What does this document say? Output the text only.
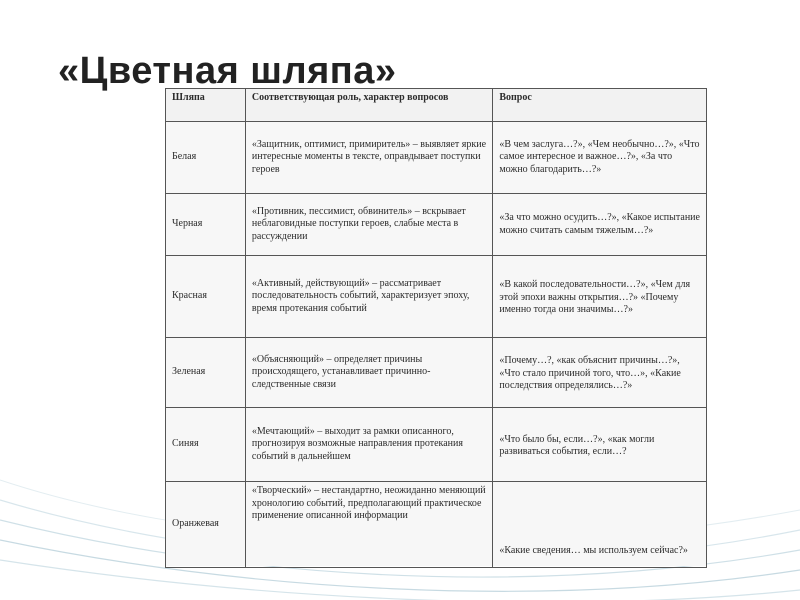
«Цветная шляпа»
Шляпа	Соответствующая роль, характер вопросов	Вопрос
Белая	«Защитник, оптимист, примиритель» – выявляет яркие интересные моменты в тексте, оправдывает поступки героев	«В чем заслуга…?», «Чем необычно…?», «Что самое интересное и важное…?», «За что можно благодарить…?»
Черная	«Противник, пессимист, обвинитель» – вскрывает неблаговидные поступки героев, слабые места в рассуждении	«За что можно осудить…?», «Какое испытание можно считать самым тяжелым…?»
Красная	«Активный, действующий» – рассматривает последовательность событий, характеризует эпоху, время протекания событий	«В какой последовательности…?», «Чем для этой эпохи важны открытия…?» «Почему именно тогда они значимы…?»
Зеленая	«Объясняющий» – определяет причины происходящего, устанавливает причинно-следственные связи	«Почему…?, «как объяснит причины…?», «Что стало причиной того, что…», «Какие последствия определялись…?»
Синяя	«Мечтающий» – выходит за рамки описанного, прогнозируя возможные направления протекания событий в дальнейшем	«Что было бы, если…?», «как могли развиваться события, если…?
Оранжевая	«Творческий» – нестандартно, неожиданно меняющий хронологию событий, предполагающий практическое применение описанной информации	«Какие сведения… мы используем сейчас?»
